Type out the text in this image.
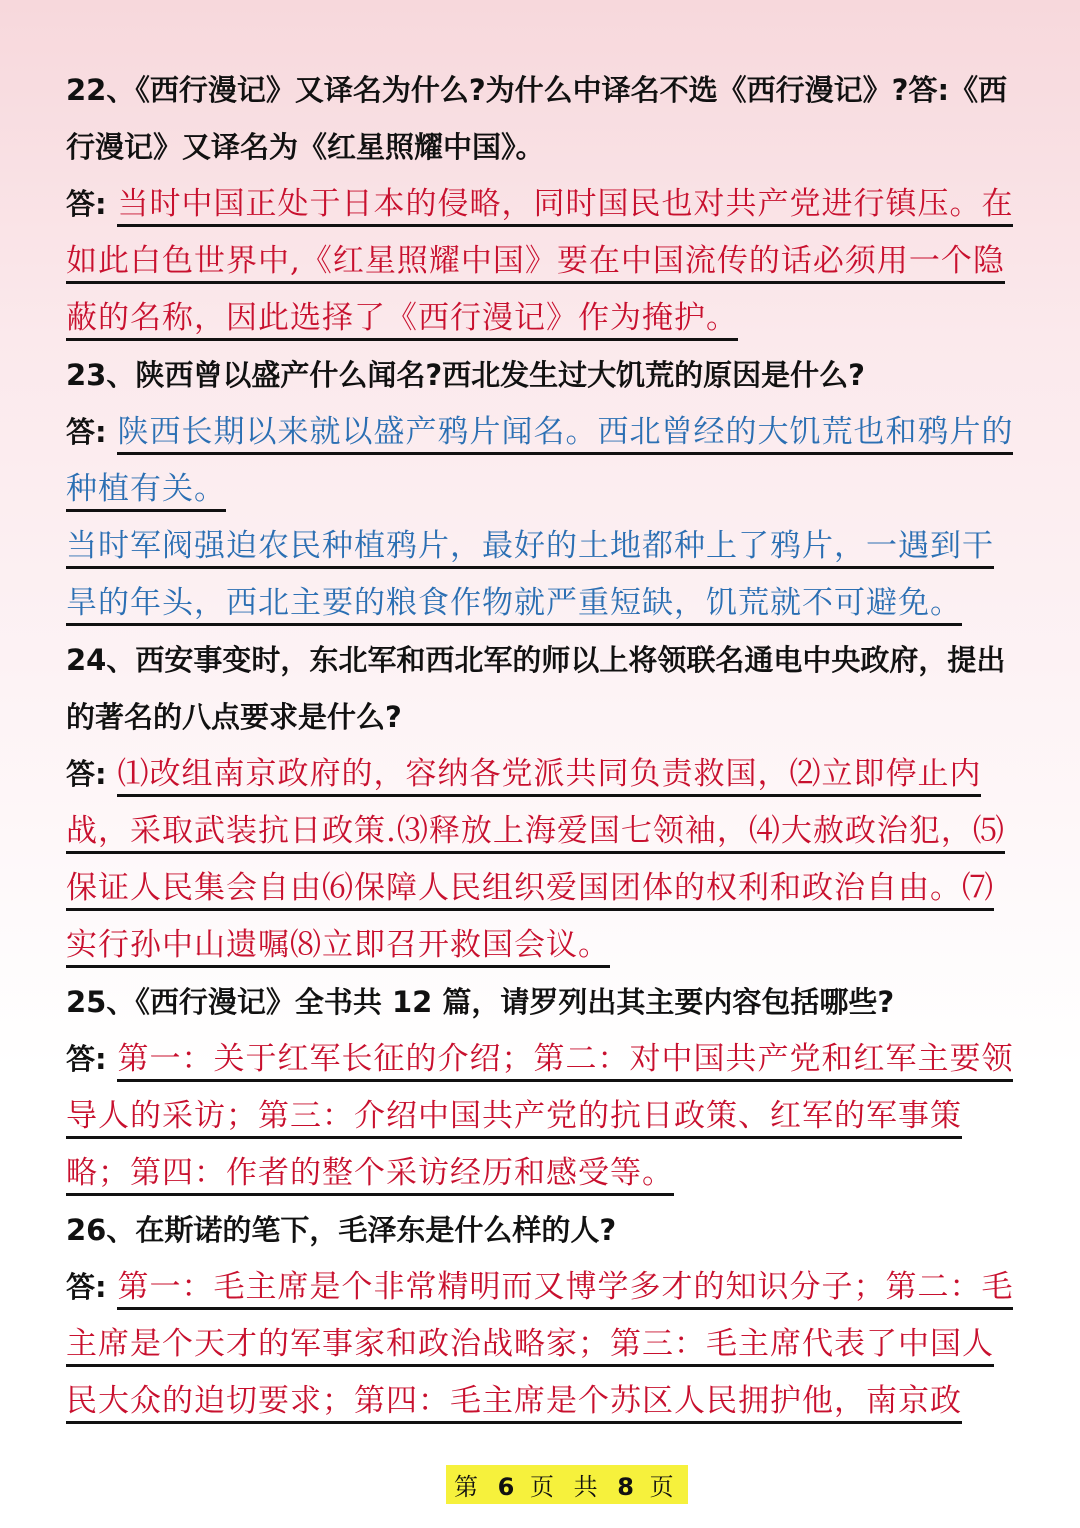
22、《西行漫记》又译名为什么?为什么中译名不选《西行漫记》?答:《西行漫记》又译名为《红星照耀中国》。

答: 当时中国正处于日本的侵略，同时国民也对共产党进行镇压。在如此白色世界中,《红星照耀中国》要在中国流传的话必须用一个隐蔽的名称，因此选择了《西行漫记》作为掩护。

23、陕西曾以盛产什么闻名?西北发生过大饥荒的原因是什么?

答: 陕西长期以来就以盛产鸦片闻名。西北曾经的大饥荒也和鸦片的种植有关。

当时军阀强迫农民种植鸦片，最好的土地都种上了鸦片，一遇到干旱的年头，西北主要的粮食作物就严重短缺，饥荒就不可避免。

24、西安事变时，东北军和西北军的师以上将领联名通电中央政府，提出的著名的八点要求是什么?

答: ⑴改组南京政府的，容纳各党派共同负责救国，⑵立即停止内战，采取武装抗日政策.⑶释放上海爱国七领袖，⑷大赦政治犯，⑸保证人民集会自由⑹保障人民组织爱国团体的权利和政治自由。⑺实行孙中山遗嘱⑻立即召开救国会议。

25、《西行漫记》全书共 12 篇，请罗列出其主要内容包括哪些?

答: 第一：关于红军长征的介绍；第二：对中国共产党和红军主要领导人的采访；第三：介绍中国共产党的抗日政策、红军的军事策略；第四：作者的整个采访经历和感受等。

26、在斯诺的笔下，毛泽东是什么样的人?

答: 第一：毛主席是个非常精明而又博学多才的知识分子；第二：毛主席是个天才的军事家和政治战略家；第三：毛主席代表了中国人民大众的迫切要求；第四：毛主席是个苏区人民拥护他，南京政

第 6 页 共 8 页
